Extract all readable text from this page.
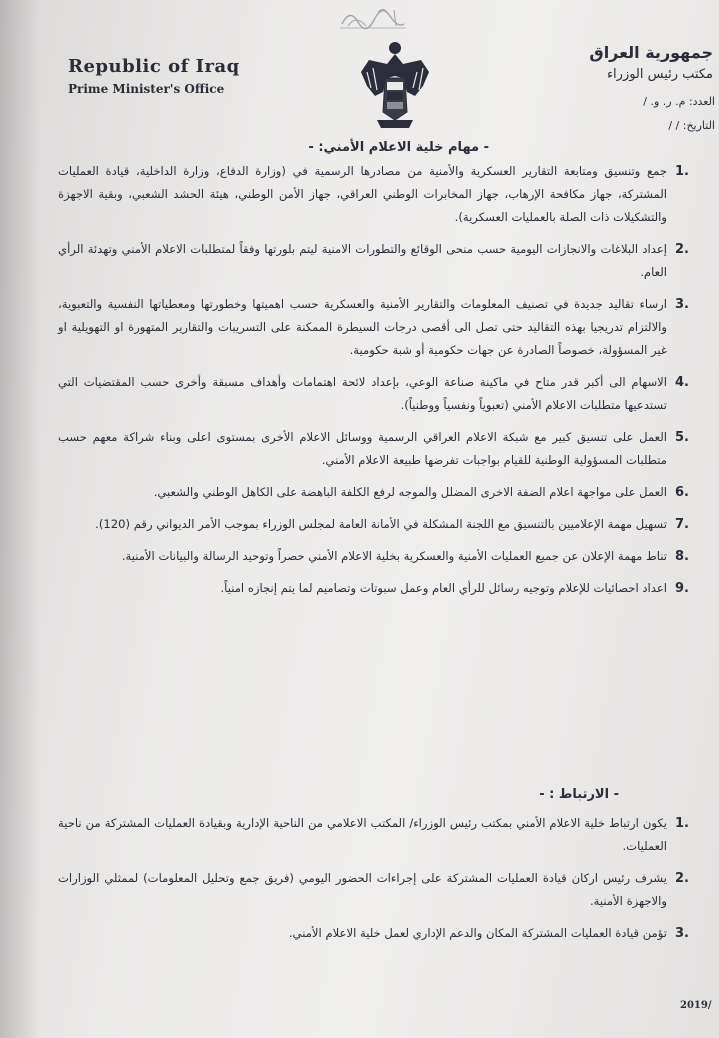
Republic of Iraq
Prime Minister's Office
جمهورية العراق
مكتب رئيس الوزراء
العدد: م. ر. و. /
التاريخ: / /
- مهام خلية الاعلام الأمني: -
1.
جمع وتنسيق ومتابعة التقارير العسكرية والأمنية من مصادرها الرسمية في (وزارة الدفاع، وزارة الداخلية، قيادة العمليات المشتركة، جهاز مكافحة الإرهاب، جهاز المخابرات الوطني العراقي، جهاز الأمن الوطني، هيئة الحشد الشعبي، وبقية الاجهزة والتشكيلات ذات الصلة بالعمليات العسكرية).
2.
إعداد البلاغات والانجازات اليومية حسب منحى الوقائع والتطورات الامنية ليتم بلورتها وفقاً لمتطلبات الاعلام الأمني وتهدئة الرأي العام.
3.
ارساء تقاليد جديدة في تصنيف المعلومات والتقارير الأمنية والعسكرية حسب اهميتها وخطورتها ومعطياتها النفسية والتعبوية، والالتزام تدريجيا بهذه التقاليد حتى تصل الى أقصى درجات السيطرة الممكنة على التسريبات والتقارير المتهورة او التهويلية او غير المسؤولة، خصوصاً الصادرة عن جهات حكومية أو شبة حكومية.
4.
الاسهام الى أكبر قدر متاح في ماكينة صناعة الوعي، بإعداد لائحة اهتمامات وأهداف مسبقة وأخرى حسب المقتضيات التي تستدعيها متطلبات الاعلام الأمني (تعبوياً ونفسياً ووطنياً).
5.
العمل على تنسيق كبير مع شبكة الاعلام العراقي الرسمية ووسائل الاعلام الأخرى بمستوى اعلى وبناء شراكة معهم حسب متطلبات المسؤولية الوطنية للقيام بواجبات تفرضها طبيعة الاعلام الأمني.
6.
العمل على مواجهة اعلام الضفة الاخرى المضلل والموجه لرفع الكلفة الباهضة على الكاهل الوطني والشعبي.
7.
تسهيل مهمة الإعلاميين بالتنسيق مع اللجنة المشكلة في الأمانة العامة لمجلس الوزراء بموجب الأمر الديواني رقم (120).
8.
تناط مهمة الإعلان عن جميع العمليات الأمنية والعسكرية بخلية الاعلام الأمني حصراً وتوحيد الرسالة والبيانات الأمنية.
9.
اعداد احصائيات للإعلام وتوجيه رسائل للرأي العام وعمل سبوتات وتصاميم لما يتم إنجازه امنياً.
- الارتباط : -
1.
يكون ارتباط خلية الاعلام الأمني بمكتب رئيس الوزراء/ المكتب الاعلامي من الناحية الإدارية وبقيادة العمليات المشتركة من ناحية العمليات.
2.
يشرف رئيس اركان قيادة العمليات المشتركة على إجراءات الحضور اليومي (فريق جمع وتحليل المعلومات) لممثلي الوزارات والاجهزة الأمنية.
3.
تؤمن قيادة العمليات المشتركة المكان والدعم الإداري لعمل خلية الاعلام الأمني.
2019/
